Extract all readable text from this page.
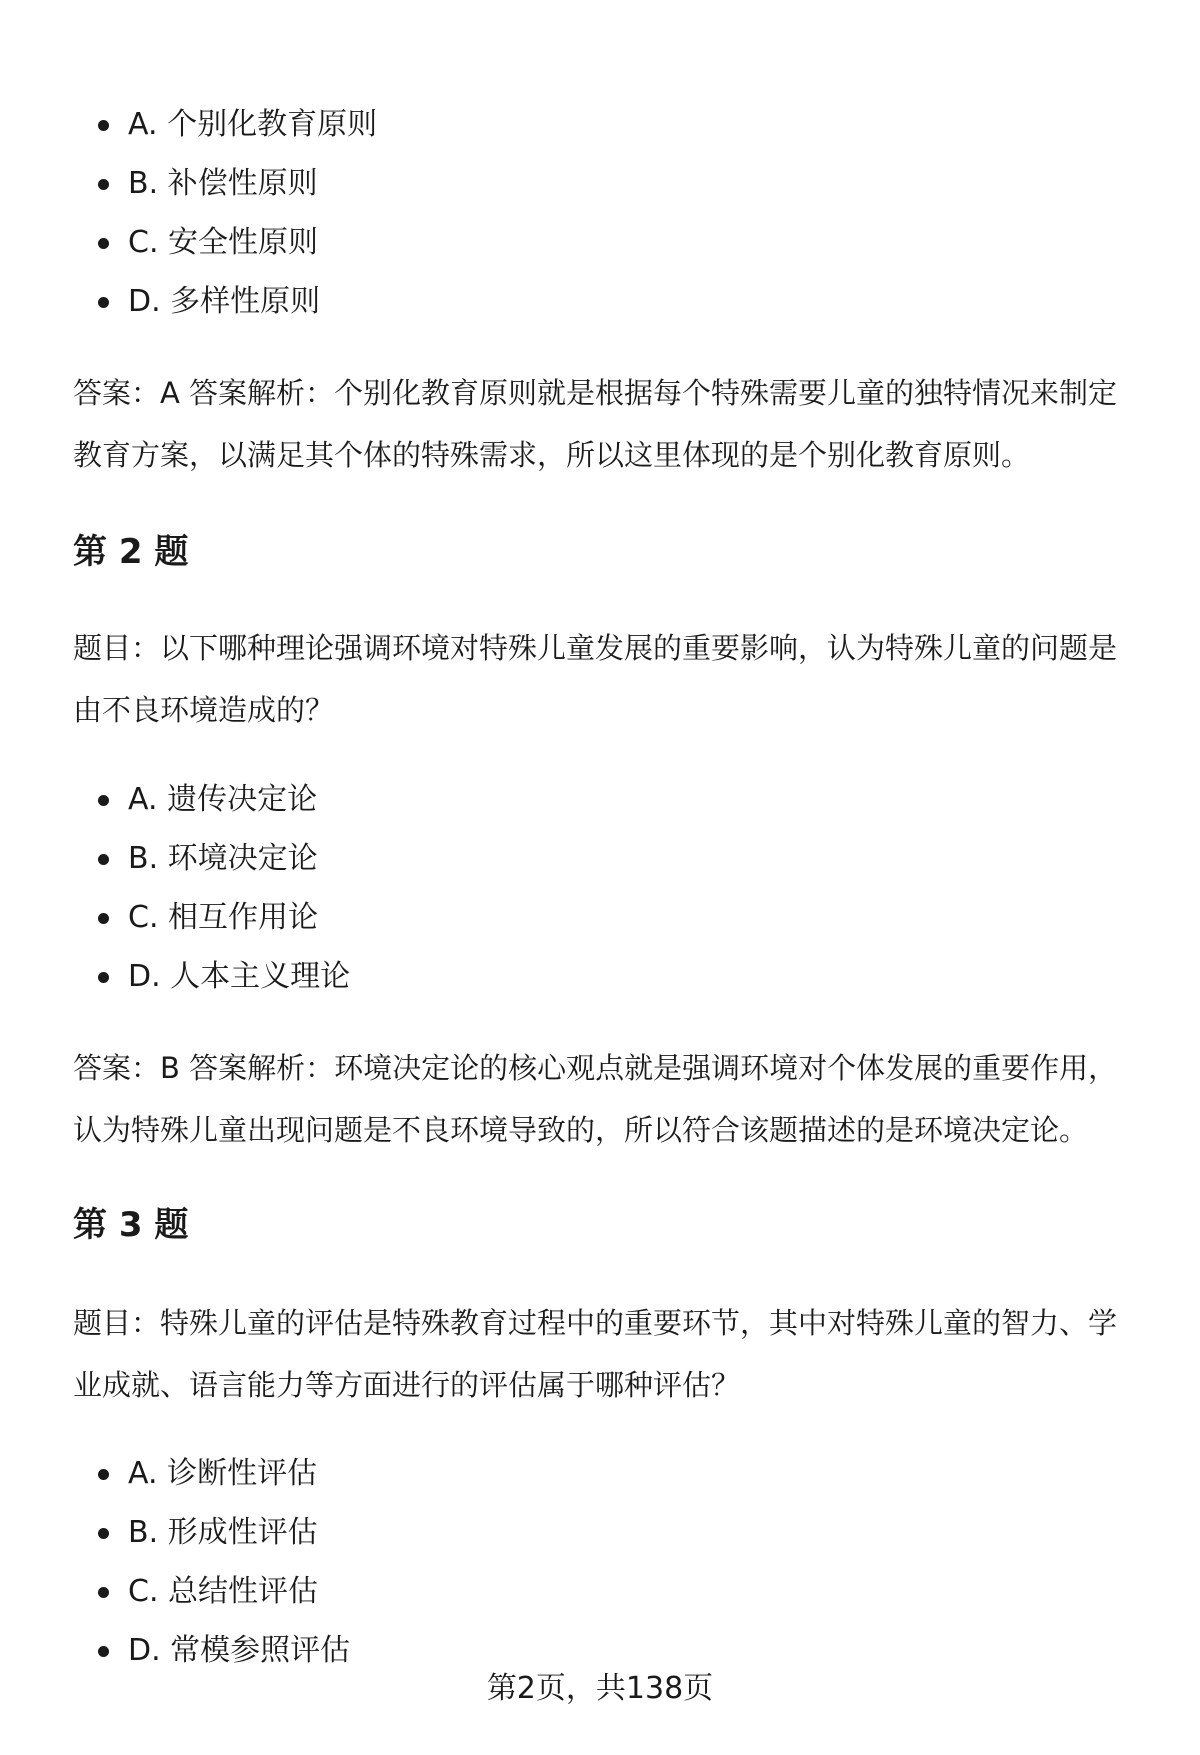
A. 个别化教育原则
B. 补偿性原则
C. 安全性原则
D. 多样性原则

答案：A 答案解析：个别化教育原则就是根据每个特殊需要儿童的独特情况来制定教育方案，以满足其个体的特殊需求，所以这里体现的是个别化教育原则。

第 2 题

题目：以下哪种理论强调环境对特殊儿童发展的重要影响，认为特殊儿童的问题是由不良环境造成的？

A. 遗传决定论
B. 环境决定论
C. 相互作用论
D. 人本主义理论

答案：B 答案解析：环境决定论的核心观点就是强调环境对个体发展的重要作用，认为特殊儿童出现问题是不良环境导致的，所以符合该题描述的是环境决定论。

第 3 题

题目：特殊儿童的评估是特殊教育过程中的重要环节，其中对特殊儿童的智力、学业成就、语言能力等方面进行的评估属于哪种评估？

A. 诊断性评估
B. 形成性评估
C. 总结性评估
D. 常模参照评估
第2页，共138页
